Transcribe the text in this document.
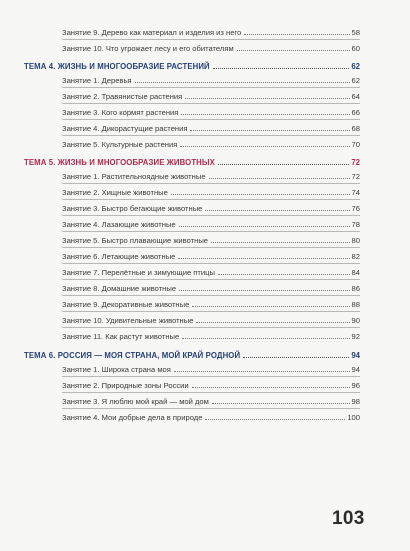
Занятие 9. Дерево как материал и изделия из него	58
Занятие 10. Что угрожает лесу и его обитателям	60
ТЕМА 4. ЖИЗНЬ И МНОГООБРАЗИЕ РАСТЕНИЙ	62
Занятие 1. Деревья	62
Занятие 2. Травянистые растения	64
Занятие 3. Кого кормят растения	66
Занятие 4. Дикорастущие растения	68
Занятие 5. Культурные растения	70
ТЕМА 5. ЖИЗНЬ И МНОГООБРАЗИЕ ЖИВОТНЫХ	72
Занятие 1. Растительноядные животные	72
Занятие 2. Хищные животные	74
Занятие 3. Быстро бегающие животные	76
Занятие 4. Лазающие животные	78
Занятие 5. Быстро плавающие животные	80
Занятие 6. Летающие животные	82
Занятие 7. Перелётные и зимующие птицы	84
Занятие 8. Домашние животные	86
Занятие 9. Декоративные животные	88
Занятие 10. Удивительные животные	90
Занятие 11. Как растут животные	92
ТЕМА 6. РОССИЯ — МОЯ СТРАНА, МОЙ КРАЙ РОДНОЙ	94
Занятие 1. Широка страна моя	94
Занятие 2. Природные зоны России	96
Занятие 3. Я люблю мой край — мой дом	98
Занятие 4. Мои добрые дела в природе	100
103
